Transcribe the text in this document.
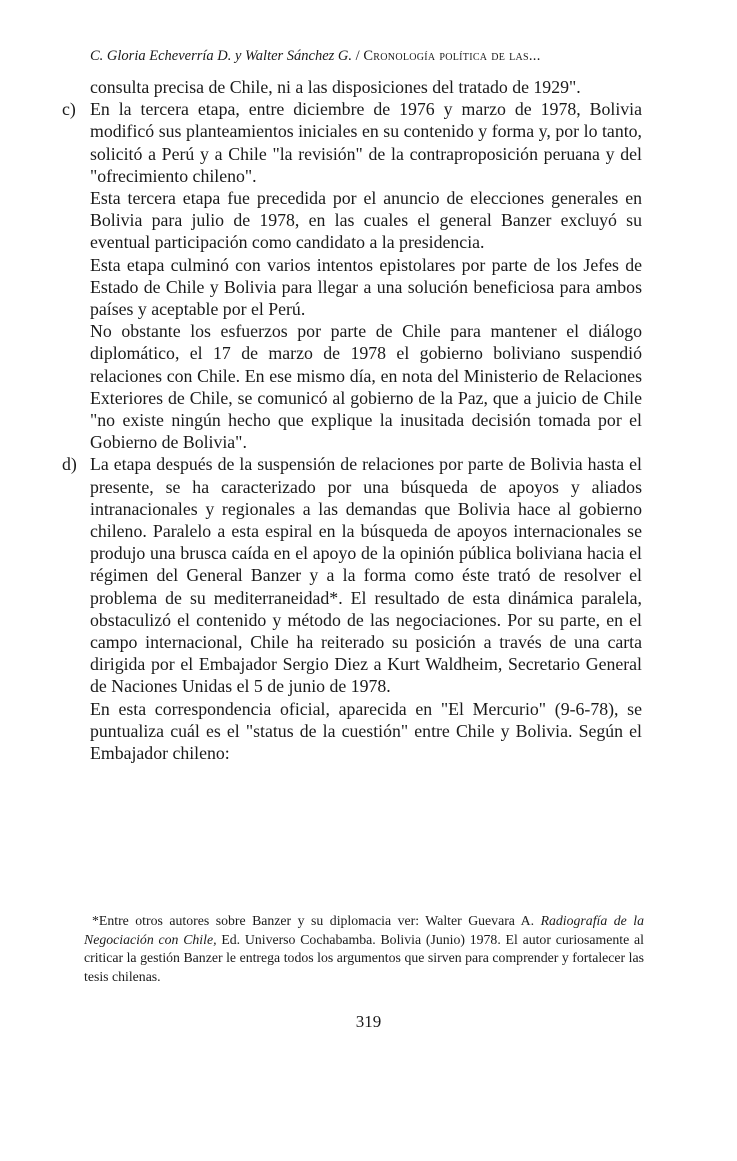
C. Gloria Echeverría D. y Walter Sánchez G. / Cronología política de las...

consulta precisa de Chile, ni a las disposiciones del tratado de 1929".

c) En la tercera etapa, entre diciembre de 1976 y marzo de 1978, Bolivia modificó sus planteamientos iniciales en su contenido y forma y, por lo tanto, solicitó a Perú y a Chile "la revisión" de la contraproposición peruana y del "ofrecimiento chileno".

Esta tercera etapa fue precedida por el anuncio de elecciones generales en Bolivia para julio de 1978, en las cuales el general Banzer excluyó su eventual participación como candidato a la presidencia.

Esta etapa culminó con varios intentos epistolares por parte de los Jefes de Estado de Chile y Bolivia para llegar a una solución beneficiosa para ambos países y aceptable por el Perú.

No obstante los esfuerzos por parte de Chile para mantener el diálogo diplomático, el 17 de marzo de 1978 el gobierno boliviano suspendió relaciones con Chile. En ese mismo día, en nota del Ministerio de Relaciones Exteriores de Chile, se comunicó al gobierno de la Paz, que a juicio de Chile "no existe ningún hecho que explique la inusitada decisión tomada por el Gobierno de Bolivia".

d) La etapa después de la suspensión de relaciones por parte de Bolivia hasta el presente, se ha caracterizado por una búsqueda de apoyos y aliados intranacionales y regionales a las demandas que Bolivia hace al gobierno chileno. Paralelo a esta espiral en la búsqueda de apoyos internacionales se produjo una brusca caída en el apoyo de la opinión pública boliviana hacia el régimen del General Banzer y a la forma como éste trató de resolver el problema de su mediterraneidad*. El resultado de esta dinámica paralela, obstaculizó el contenido y método de las negociaciones. Por su parte, en el campo internacional, Chile ha reiterado su posición a través de una carta dirigida por el Embajador Sergio Diez a Kurt Waldheim, Secretario General de Naciones Unidas el 5 de junio de 1978.

En esta correspondencia oficial, aparecida en "El Mercurio" (9-6-78), se puntualiza cuál es el "status de la cuestión" entre Chile y Bolivia. Según el Embajador chileno:

*Entre otros autores sobre Banzer y su diplomacia ver: Walter Guevara A. Radiografía de la Negociación con Chile, Ed. Universo Cochabamba. Bolivia (Junio) 1978. El autor curiosamente al criticar la gestión Banzer le entrega todos los argumentos que sirven para comprender y fortalecer las tesis chilenas.

319
